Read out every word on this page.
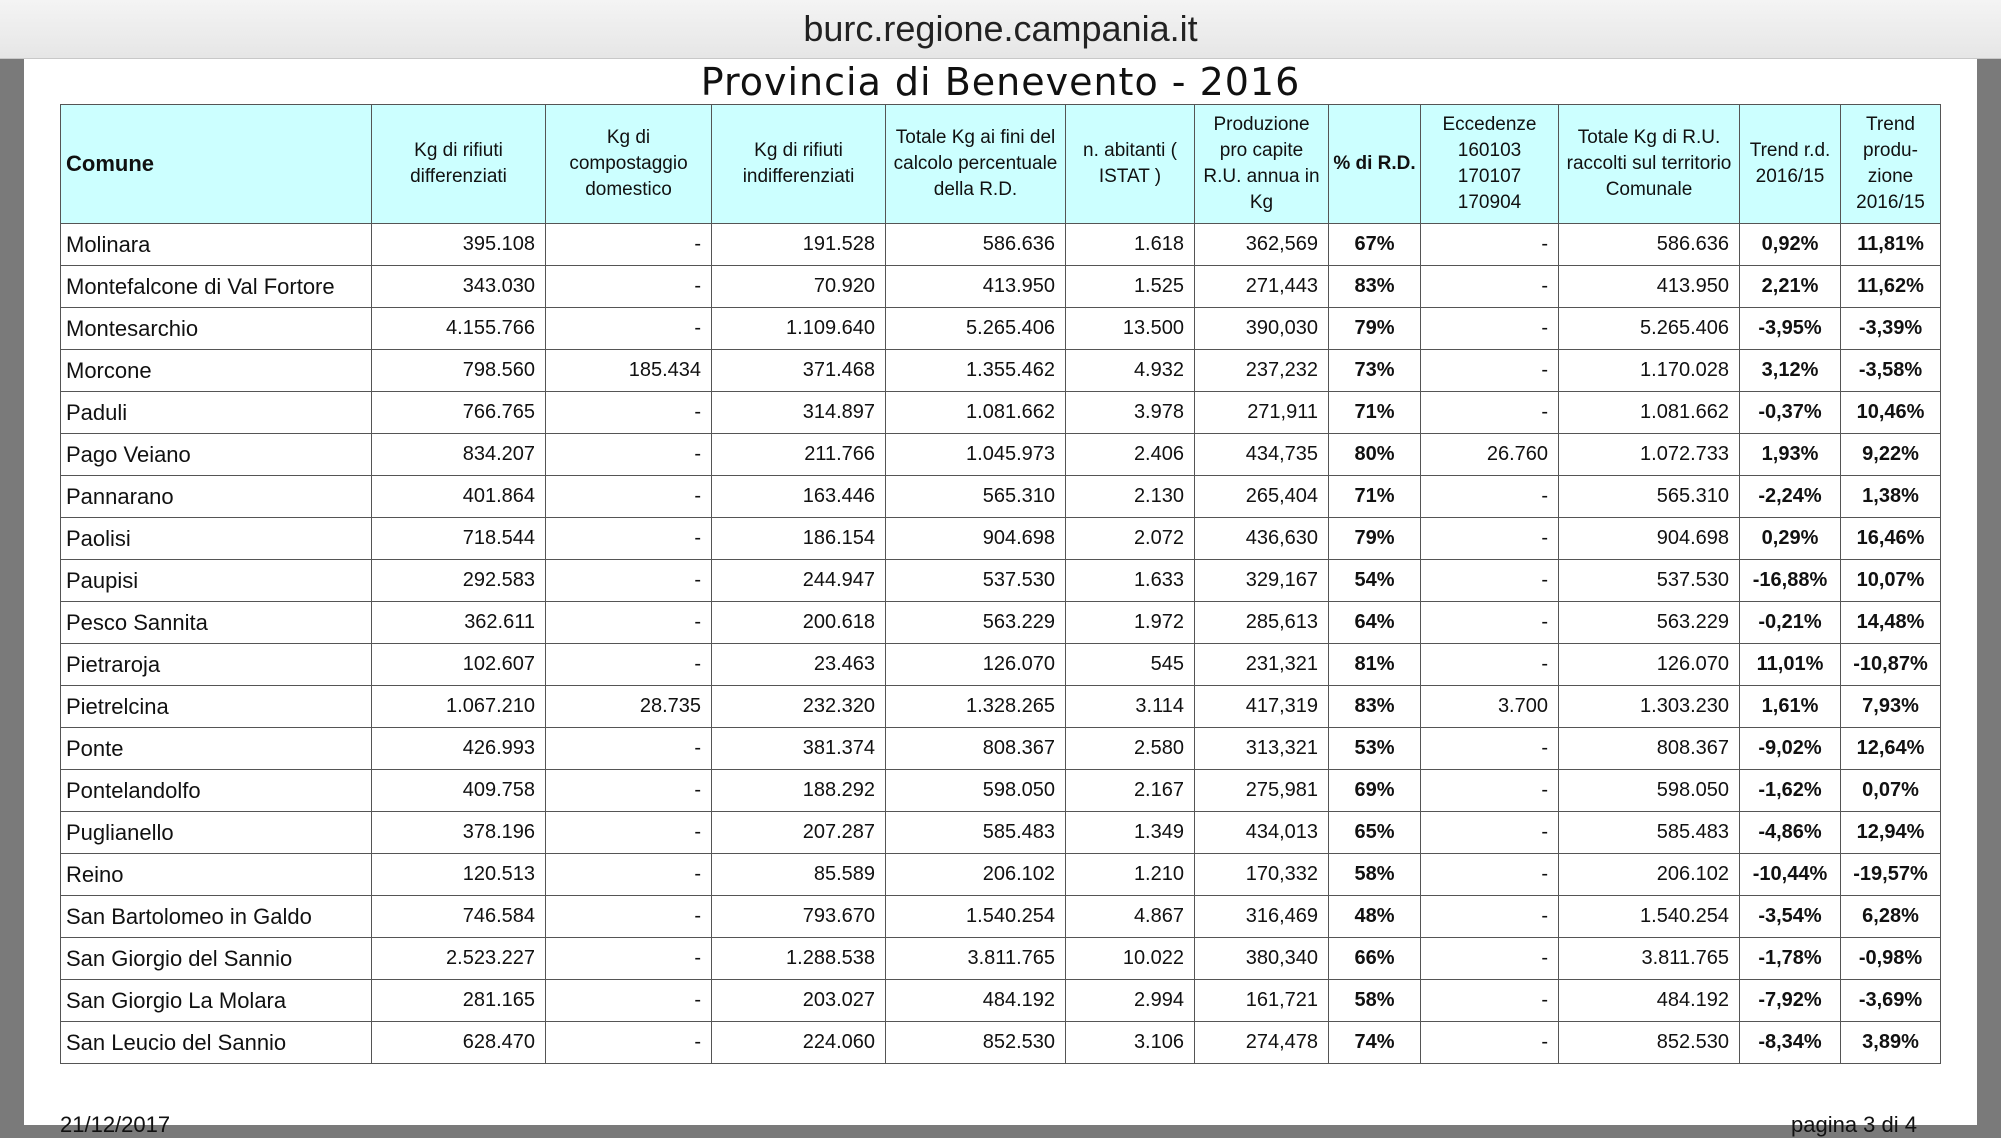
burc.regione.campania.it
Provincia di Benevento - 2016
Comune	Kg di rifiuti differenziati	Kg di compostaggio domestico	Kg di rifiuti indifferenziati	Totale Kg ai fini del calcolo percentuale della R.D.	n. abitanti ( ISTAT )	Produzione pro capite R.U. annua in Kg	% di R.D.	Eccedenze 160103 170107 170904	Totale Kg di R.U. raccolti sul territorio Comunale	Trend r.d. 2016/15	Trend produ- zione 2016/15
Molinara	395.108	-	191.528	586.636	1.618	362,569	67%	-	586.636	0,92%	11,81%
Montefalcone di Val Fortore	343.030	-	70.920	413.950	1.525	271,443	83%	-	413.950	2,21%	11,62%
Montesarchio	4.155.766	-	1.109.640	5.265.406	13.500	390,030	79%	-	5.265.406	-3,95%	-3,39%
Morcone	798.560	185.434	371.468	1.355.462	4.932	237,232	73%	-	1.170.028	3,12%	-3,58%
Paduli	766.765	-	314.897	1.081.662	3.978	271,911	71%	-	1.081.662	-0,37%	10,46%
Pago Veiano	834.207	-	211.766	1.045.973	2.406	434,735	80%	26.760	1.072.733	1,93%	9,22%
Pannarano	401.864	-	163.446	565.310	2.130	265,404	71%	-	565.310	-2,24%	1,38%
Paolisi	718.544	-	186.154	904.698	2.072	436,630	79%	-	904.698	0,29%	16,46%
Paupisi	292.583	-	244.947	537.530	1.633	329,167	54%	-	537.530	-16,88%	10,07%
Pesco Sannita	362.611	-	200.618	563.229	1.972	285,613	64%	-	563.229	-0,21%	14,48%
Pietraroja	102.607	-	23.463	126.070	545	231,321	81%	-	126.070	11,01%	-10,87%
Pietrelcina	1.067.210	28.735	232.320	1.328.265	3.114	417,319	83%	3.700	1.303.230	1,61%	7,93%
Ponte	426.993	-	381.374	808.367	2.580	313,321	53%	-	808.367	-9,02%	12,64%
Pontelandolfo	409.758	-	188.292	598.050	2.167	275,981	69%	-	598.050	-1,62%	0,07%
Puglianello	378.196	-	207.287	585.483	1.349	434,013	65%	-	585.483	-4,86%	12,94%
Reino	120.513	-	85.589	206.102	1.210	170,332	58%	-	206.102	-10,44%	-19,57%
San Bartolomeo in Galdo	746.584	-	793.670	1.540.254	4.867	316,469	48%	-	1.540.254	-3,54%	6,28%
San Giorgio del Sannio	2.523.227	-	1.288.538	3.811.765	10.022	380,340	66%	-	3.811.765	-1,78%	-0,98%
San Giorgio La Molara	281.165	-	203.027	484.192	2.994	161,721	58%	-	484.192	-7,92%	-3,69%
San Leucio del Sannio	628.470	-	224.060	852.530	3.106	274,478	74%	-	852.530	-8,34%	3,89%
21/12/2017	pagina 3 di 4
